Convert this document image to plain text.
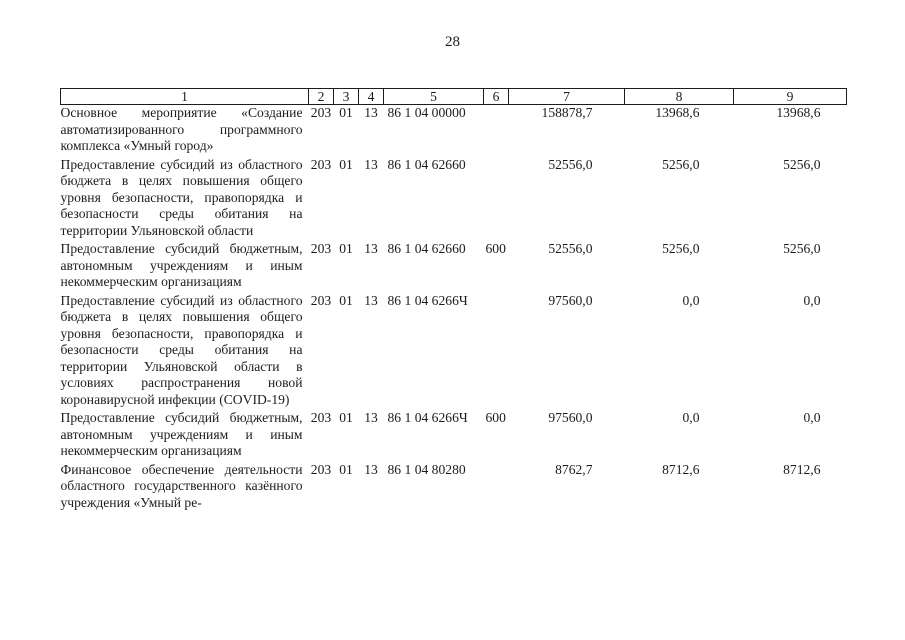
28
1	2	3	4	5	6	7	8	9
Основное мероприятие «Создание автоматизированного программного комплекса «Умный город»	203	01	13	86 1 04 00000		158878,7	13968,6	13968,6
Предоставление субсидий из областного бюджета в целях повышения общего уровня безопасности, правопорядка и безопасности среды обитания на территории Ульяновской области	203	01	13	86 1 04 62660		52556,0	5256,0	5256,0
Предоставление субсидий бюджетным, автономным учреждениям и иным некоммерческим организациям	203	01	13	86 1 04 62660	600	52556,0	5256,0	5256,0
Предоставление субсидий из областного бюджета в целях повышения общего уровня безопасности, правопорядка и безопасности среды обитания на территории Ульяновской области в условиях распространения новой коронавирусной инфекции (COVID-19)	203	01	13	86 1 04 6266Ч		97560,0	0,0	0,0
Предоставление субсидий бюджетным, автономным учреждениям и иным некоммерческим организациям	203	01	13	86 1 04 6266Ч	600	97560,0	0,0	0,0
Финансовое обеспечение деятельности областного государственного казённого учреждения «Умный ре-	203	01	13	86 1 04 80280		8762,7	8712,6	8712,6
